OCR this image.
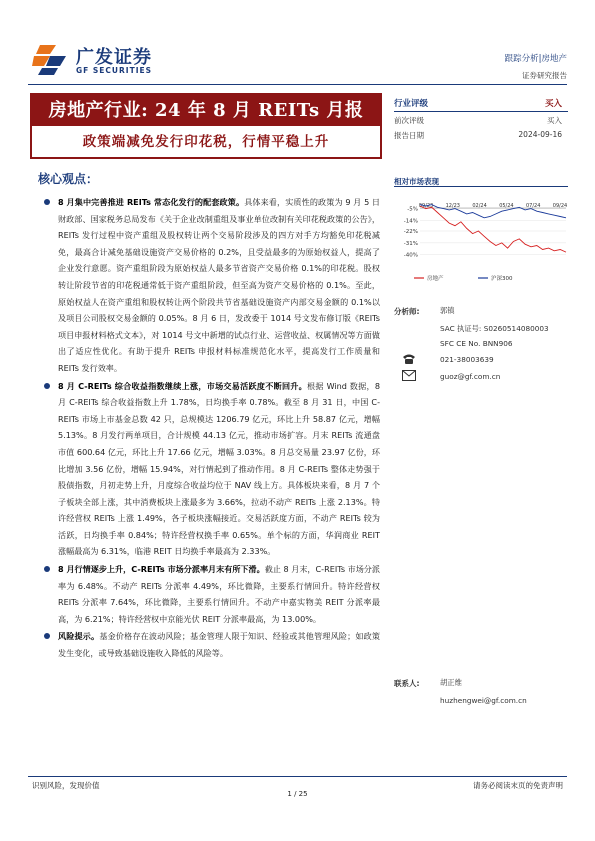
广发证券
GF SECURITIES
跟踪分析|房地产
证券研究报告
房地产行业: 24 年 8 月 REITs 月报
政策端减免发行印花税，行情平稳上升
行业评级	买入
前次评级	买入
报告日期	2024-09-16
核心观点：
8 月集中完善推进 REITs 常态化发行的配套政策。具体来看，实质性的政策为 9 月 5 日财政部、国家税务总局发布《关于企业改制重组及事业单位改制有关印花税政策的公告》，REITs 发行过程中资产重组及股权转让两个交易阶段涉及的四方对手方均豁免印花税减免，最高合计减免基础设施资产交易价格的 0.2%，且受益最多的为原始权益人，提高了企业发行意愿。资产重组阶段为原始权益人最多节省资产交易价格 0.1%的印花税。股权转让阶段节省的印花税通常低于资产重组阶段，但至高为资产交易价格的 0.1%。至此，原始权益人在资产重组和股权转让两个阶段共节省基础设施资产内部交易金额的 0.1%以及项目公司股权交易金额的 0.05%。8 月 6 日，发改委于 1014 号文发布修订版《REITs 项目申报材料格式文本》，对 1014 号文中新增的试点行业、运营收益、权属情况等方面做出了适应性优化。有助于提升 REITs 申报材料标准规范化水平，提高发行工作质量和 REITs 发行效率。
8 月 C-REITs 综合收益指数继续上涨，市场交易活跃度不断回升。根据 Wind 数据，8 月 C-REITs 综合收益指数上升 1.78%，日均换手率 0.78%。截至 8 月 31 日，中国 C-REITs 市场上市基金总数 42 只，总规模达 1206.79 亿元，环比上升 58.87 亿元，增幅 5.13%。8 月发行两单项目，合计规模 44.13 亿元，推动市场扩容。月末 REITs 流通盘市值 600.64 亿元，环比上升 17.66 亿元，增幅 3.03%。8 月总交易量 23.97 亿份，环比增加 3.56 亿份，增幅 15.94%，对行情起到了推动作用。8 月 C-REITs 整体走势强于股债指数，月初走势上升，月度综合收益均位于 NAV 线上方。具体板块来看，8 月 7 个子板块全部上涨，其中消费板块上涨最多为 3.66%，拉动不动产 REITs 上涨 2.13%。特许经营权 REITs 上涨 1.49%，各子板块涨幅接近。交易活跃度方面，不动产 REITs 较为活跃，日均换手率 0.84%；特许经营权换手率 0.65%。单个标的方面，华润商业 REIT 涨幅最高为 6.31%，临港 REIT 日均换手率最高为 2.33%。
8 月行情逐步上升，C-REITs 市场分派率月末有所下滑。截止 8 月末，C-REITs 市场分派率为 6.48%。不动产 REITs 分派率 4.49%，环比微降，主要系行情回升。特许经营权 REITs 分派率 7.64%，环比微降，主要系行情回升。不动产中嘉实物美 REIT 分派率最高，为 6.21%；特许经营权中京能光伏 REIT 分派率最高，为 13.00%。
风险提示。基金价格存在波动风险；基金管理人限于知识、经验或其他管理风险；如政策发生变化，或导致基础设施收入降低的风险等。
相对市场表现
-5%
-14%
-22%
-31%
-40%
09/23 12/23 02/24 05/24 07/24 09/24
房地产	沪深300
分析师:	郭镇
SAC 执证号: S0260514080003
SFC CE No. BNN906
021-38003639
guoz@gf.com.cn
联系人:	胡正维
huzhengwei@gf.com.cn
识别风险，发现价值	请务必阅读末页的免责声明
1 / 25
